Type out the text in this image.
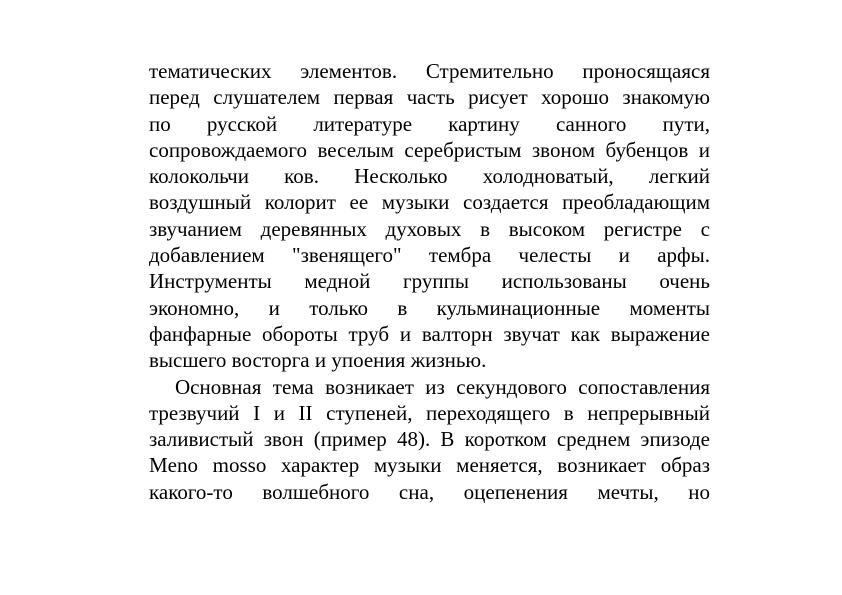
тематических элементов. Стремительно проносящаяся
перед слушателем первая часть рисует хорошо знакомую
по русской литературе картину санного пути,
сопровождаемого веселым серебристым звоном бубенцов и
колокольчи ков. Несколько холодноватый, легкий
воздушный колорит ее музыки создается преобладающим
звучанием деревянных духовых в высоком регистре с
добавлением "звенящего" тембра челесты и арфы.
Инструменты медной группы использованы очень
экономно, и только в кульминационные моменты
фанфарные обороты труб и валторн звучат как выражение
высшего восторга и упоения жизнью.
Основная тема возникает из секундового сопоставления
трезвучий I и II ступеней, переходящего в непрерывный
заливистый звон (пример 48). В коротком среднем эпизоде
Meno mosso характер музыки меняется, возникает образ
какого-то волшебного сна, оцепенения мечты, но
